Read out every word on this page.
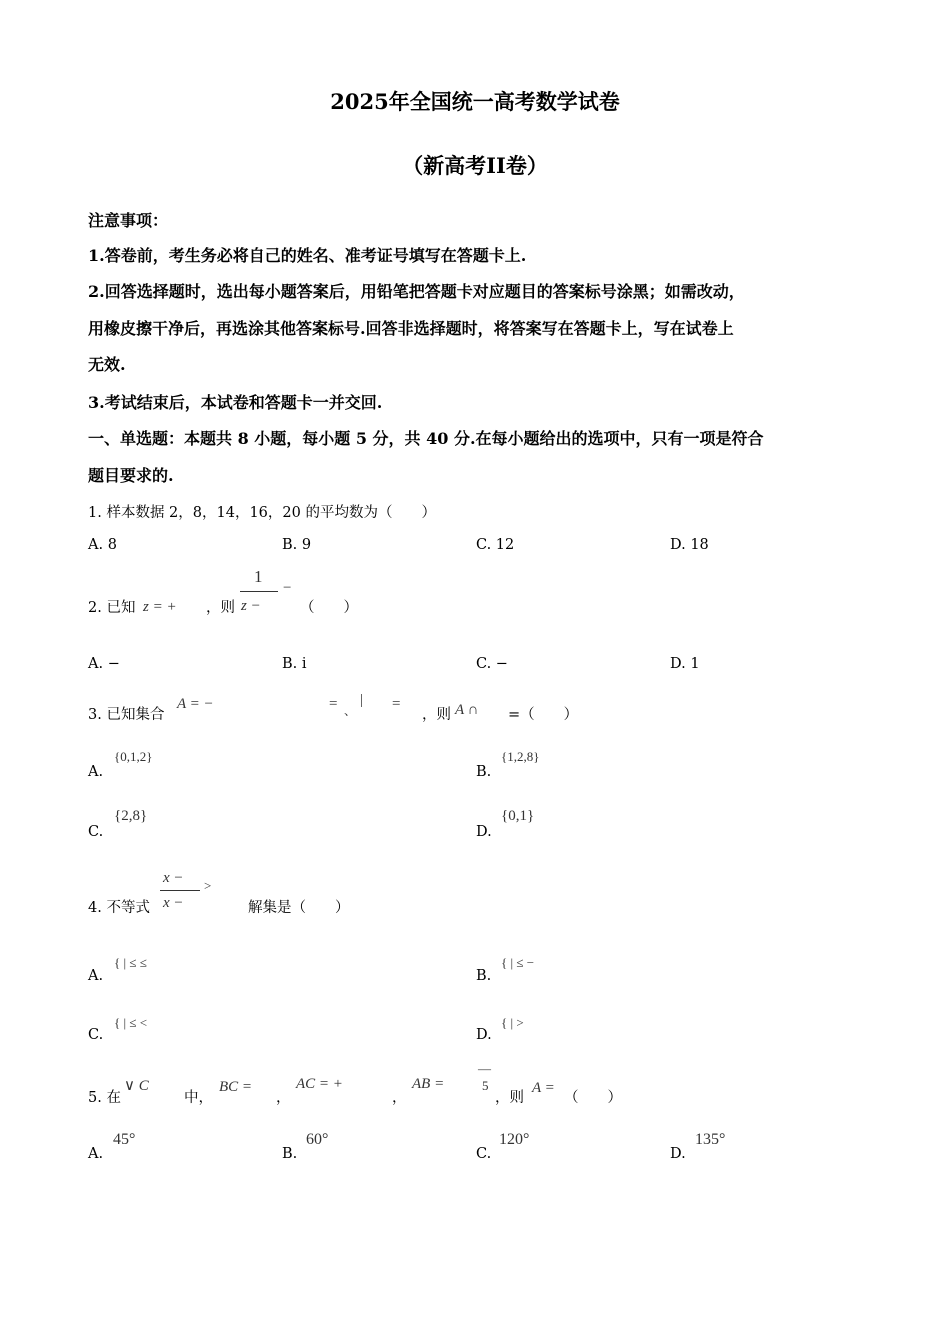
2025年全国统一高考数学试卷
（新高考II卷）
注意事项：
1.答卷前，考生务必将自己的姓名、准考证号填写在答题卡上.
2.回答选择题时，选出每小题答案后，用铅笔把答题卡对应题目的答案标号涂黑；如需改动，
用橡皮擦干净后，再选涂其他答案标号.回答非选择题时，将答案写在答题卡上，写在试卷上
无效.
3.考试结束后，本试卷和答题卡一并交回.
一、单选题：本题共 8 小题，每小题 5 分，共 40 分.在每小题给出的选项中，只有一项是符合
题目要求的.
1. 样本数据 2，8，14，16，20 的平均数为（　　）
A. 8	B. 9	C. 12	D. 18
2. 已知 z = + ，则
1
z −
−
（　　）
A. −	B. i	C. −	D. 1
3. 已知集合
A = −	= 、
| =
，则 A ∩ =（　　）
A.
{0,1,2}
B.
{1,2,8}
C.
{2,8}
D.
{0,1}
4. 不等式
x −
x −
>
解集是（　　）
A.
{ | ≤ ≤
B.
{ | ≤ −
C.
{ | ≤ <
D.
{ | >
5. 在
∨ C
中，
BC =
，
AC = +
，
AB =
—
5
，则
A =
（　　）
A.
45°
B.
60°
C.
120°
D.
135°
